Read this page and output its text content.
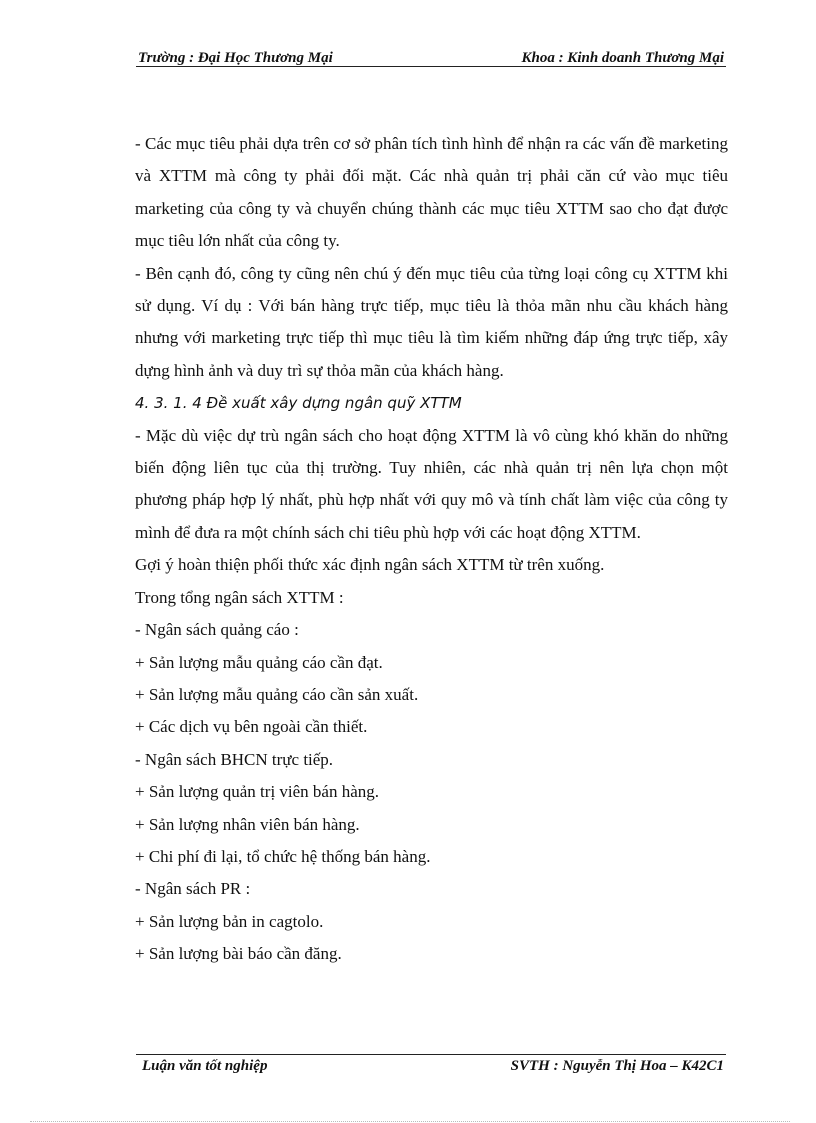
Trường : Đại Học Thương Mại	Khoa : Kinh doanh Thương Mại

- Các mục tiêu phải dựa trên cơ sở phân tích tình hình để nhận ra các vấn đề marketing và XTTM mà công ty phải đối mặt. Các nhà quản trị phải căn cứ vào mục tiêu marketing của công ty và chuyển chúng thành các mục tiêu XTTM sao cho đạt được mục tiêu lớn nhất của công ty.

- Bên cạnh đó, công ty cũng nên chú ý đến mục tiêu của từng loại công cụ XTTM khi sử dụng. Ví dụ : Với bán hàng trực tiếp, mục tiêu là thỏa mãn nhu cầu khách hàng nhưng với marketing trực tiếp thì mục tiêu là tìm kiếm những đáp ứng trực tiếp, xây dựng hình ảnh và duy trì sự thỏa mãn của khách hàng.

4. 3. 1. 4 Đề xuất xây dựng ngân quỹ XTTM

- Mặc dù việc dự trù ngân sách cho hoạt động XTTM là vô cùng khó khăn do những biến động liên tục của thị trường. Tuy nhiên, các nhà quản trị nên lựa chọn một phương pháp hợp lý nhất, phù hợp nhất với quy mô và tính chất làm việc của công ty mình để đưa ra một chính sách chi tiêu phù hợp với các hoạt động XTTM.

Gợi ý hoàn thiện phối thức xác định ngân sách XTTM từ trên xuống.

Trong tổng ngân sách XTTM :

- Ngân sách quảng cáo :

+ Sản lượng mẫu quảng cáo cần đạt.

+ Sản lượng mẫu quảng cáo cần sản xuất.

+ Các dịch vụ bên ngoài cần thiết.

- Ngân sách BHCN trực tiếp.

+ Sản lượng quản trị viên bán hàng.

+ Sản lượng nhân viên bán hàng.

+ Chi phí đi lại, tổ chức hệ thống bán hàng.

- Ngân sách PR :

+ Sản lượng bản in cagtolo.

+ Sản lượng bài báo cần đăng.

Luận văn tốt nghiệp	SVTH : Nguyễn Thị Hoa – K42C1
